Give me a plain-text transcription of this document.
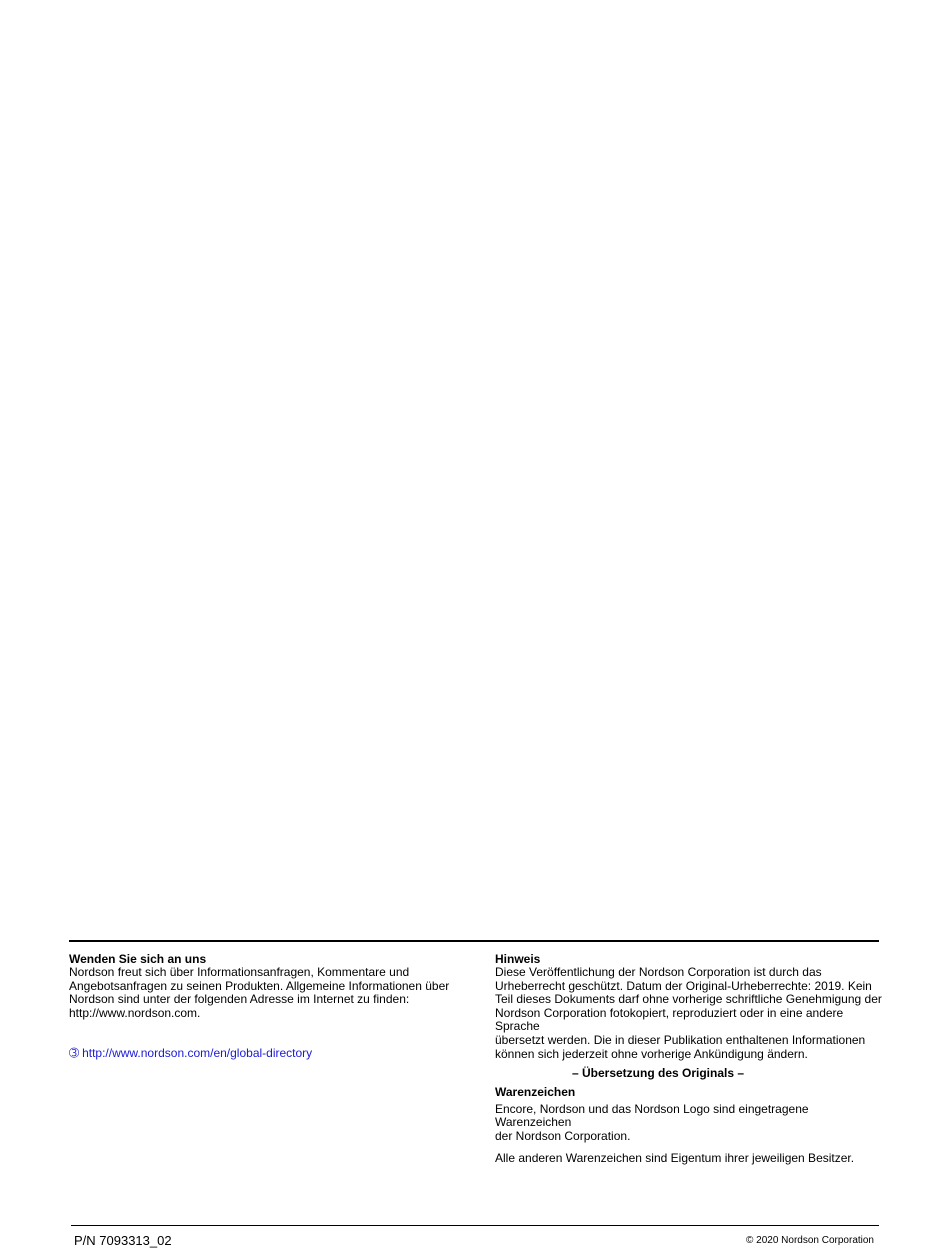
Wenden Sie sich an uns

Nordson freut sich über Informationsanfragen, Kommentare und
Angebotsanfragen zu seinen Produkten. Allgemeine Informationen über
Nordson sind unter der folgenden Adresse im Internet zu finden:
http://www.nordson.com.

➂ http://www.nordson.com/en/global-directory

Hinweis

Diese Veröffentlichung der Nordson Corporation ist durch das
Urheberrecht geschützt. Datum der Original-Urheberrechte: 2019. Kein
Teil dieses Dokuments darf ohne vorherige schriftliche Genehmigung der
Nordson Corporation fotokopiert, reproduziert oder in eine andere Sprache
übersetzt werden. Die in dieser Publikation enthaltenen Informationen
können sich jederzeit ohne vorherige Ankündigung ändern.

– Übersetzung des Originals –

Warenzeichen

Encore, Nordson und das Nordson Logo sind eingetragene Warenzeichen
der Nordson Corporation.

Alle anderen Warenzeichen sind Eigentum ihrer jeweiligen Besitzer.

P/N 7093313_02	© 2020 Nordson Corporation
